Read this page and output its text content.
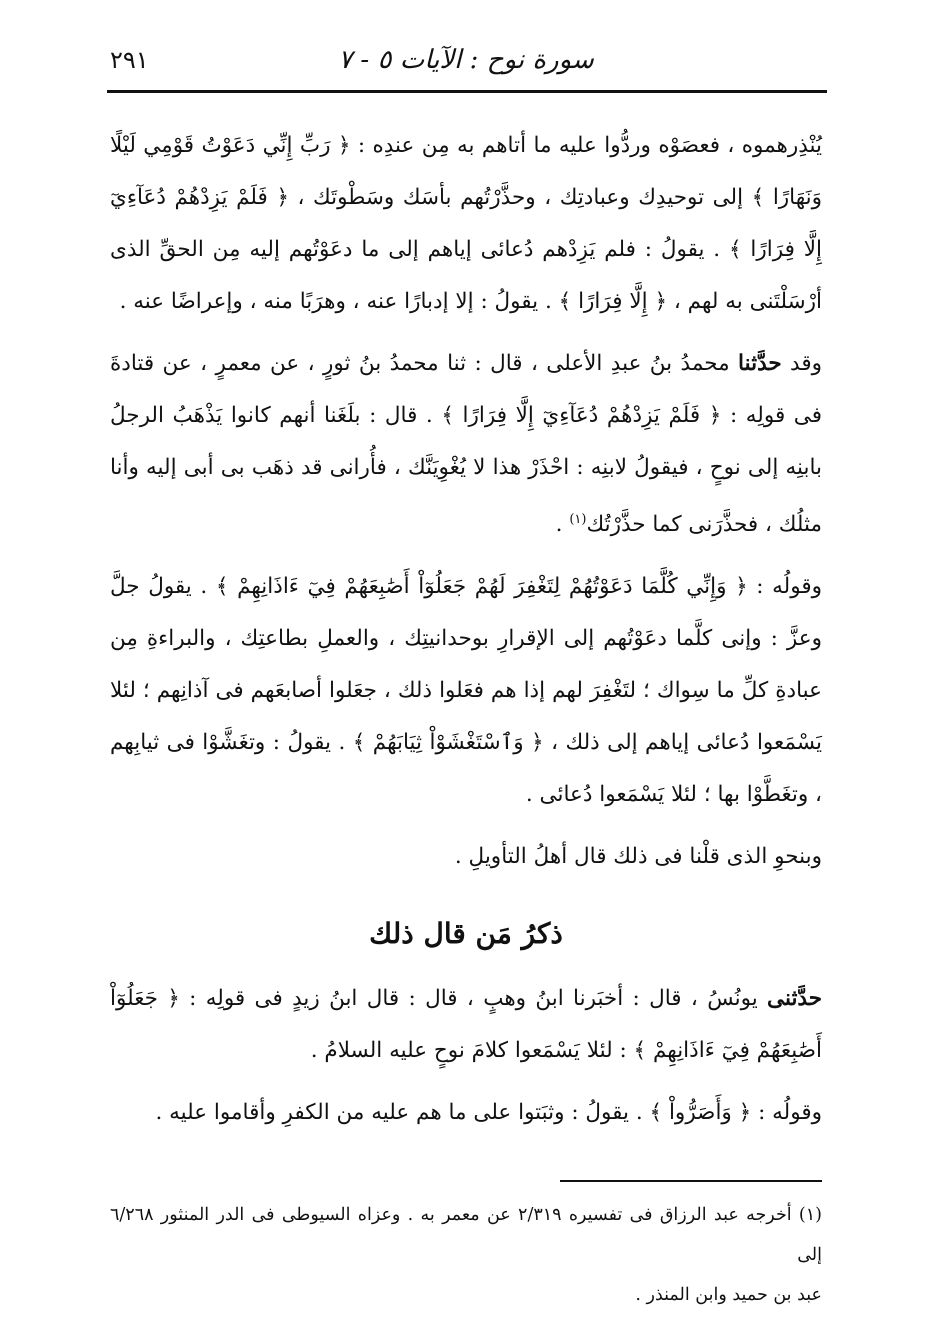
سورة نوح : الآيات ٥ - ٧
٢٩١

يُنْذِرهموه ، فعصَوْه وردُّوا عليه ما أتاهم به مِن عندِه : ﴿ رَبِّ إِنِّي دَعَوْتُ قَوْمِي لَيْلًا وَنَهَارًا ﴾ إلى توحيدِك وعبادتِك ، وحذَّرْتُهم بأسَك وسَطْوتَك ، ﴿ فَلَمْ يَزِدْهُمْ دُعَآءِيٓ إِلَّا فِرَارًا ﴾ . يقولُ : فلم يَزِدْهم دُعائى إياهم إلى ما دعَوْتُهم إليه مِن الحقِّ الذى أرْسَلْتَنى به لهم ، ﴿ إِلَّا فِرَارًا ﴾ . يقولُ : إلا إدبارًا عنه ، وهرَبًا منه ، وإعراضًا عنه .

وقد حدَّثنا محمدُ بنُ عبدِ الأعلى ، قال : ثنا محمدُ بنُ ثورٍ ، عن معمرٍ ، عن قتادةَ فى قولِه : ﴿ فَلَمْ يَزِدْهُمْ دُعَآءِيٓ إِلَّا فِرَارًا ﴾ . قال : بلَغَنا أنهم كانوا يَذْهَبُ الرجلُ بابنِه إلى نوحٍ ، فيقولُ لابنِه : احْذَرْ هذا لا يُغْوِيَنَّك ، فأُرانى قد ذهَب بى أبى إليه وأنا مثلُك ، فحذَّرَنى كما حذَّرْتُك$^{(١)}$ .

وقولُه : ﴿ وَإِنِّي كُلَّمَا دَعَوْتُهُمْ لِتَغْفِرَ لَهُمْ جَعَلُوٓاْ أَصَٰبِعَهُمْ فِيٓ ءَاذَانِهِمْ ﴾ . يقولُ جلَّ وعزَّ : وإنى كلَّما دعَوْتُهم إلى الإقرارِ بوحدانيتِك ، والعملِ بطاعتِك ، والبراءةِ مِن عبادةِ كلِّ ما سِواك ؛ لتَغْفِرَ لهم إذا هم فعَلوا ذلك ، جعَلوا أصابعَهم فى آذانِهم ؛ لئلا يَسْمَعوا دُعائى إياهم إلى ذلك ، ﴿ وَٱسْتَغْشَوْاْ ثِيَابَهُمْ ﴾ . يقولُ : وتغَشَّوْا فى ثيابِهم ، وتغَطَّوْا بها ؛ لئلا يَسْمَعوا دُعائى .

وبنحوِ الذى قلْنا فى ذلك قال أهلُ التأويلِ .

ذكرُ مَن قال ذلك

حدَّثنى يونُسُ ، قال : أخبَرنا ابنُ وهبٍ ، قال : قال ابنُ زيدٍ فى قولِه : ﴿ جَعَلُوٓاْ أَصَٰبِعَهُمْ فِيٓ ءَاذَانِهِمْ ﴾ : لئلا يَسْمَعوا كلامَ نوحٍ عليه السلامُ .

وقولُه : ﴿ وَأَصَرُّواْ ﴾ . يقولُ : وثبَتوا على ما هم عليه من الكفرِ وأقاموا عليه .

(١) أخرجه عبد الرزاق فى تفسيره ٢/٣١٩ عن معمر به . وعزاه السيوطى فى الدر المنثور ٦/٢٦٨ إلى
عبد بن حميد وابن المنذر .
